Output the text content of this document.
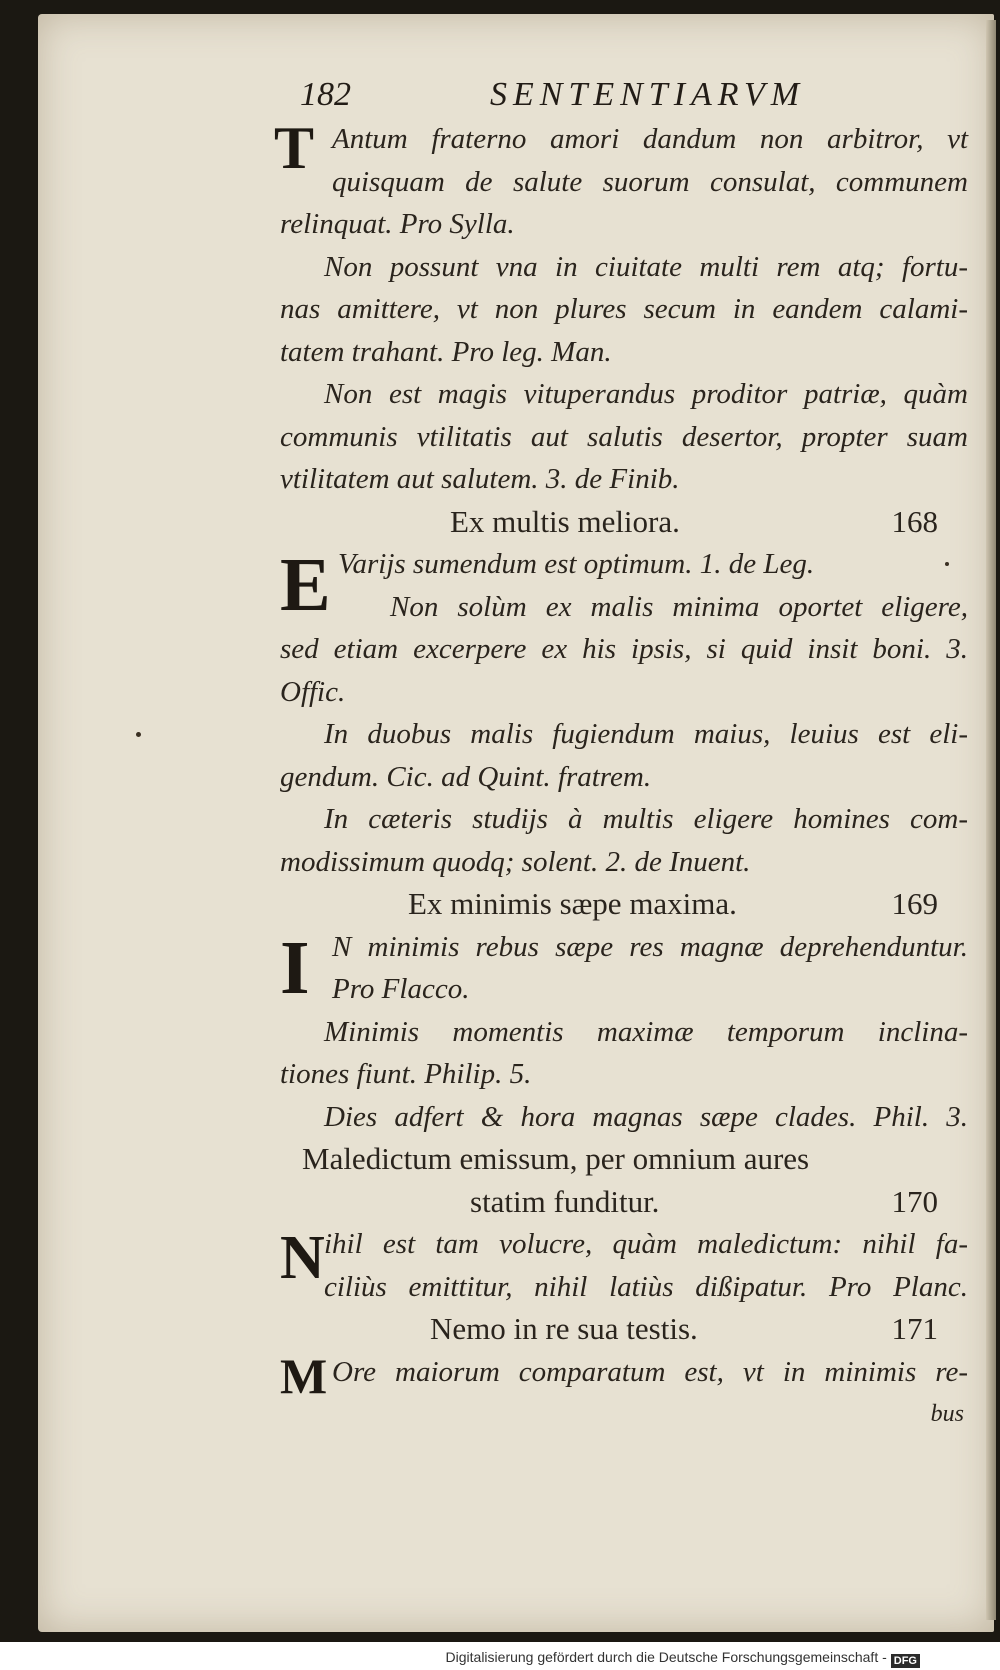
182	SENTENTIARVM
T Antum fraterno amori dandum non arbitror, vt
quisquam de salute suorum consulat, communem
relinquat. Pro Sylla.
Non possunt vna in ciuitate multi rem atq; fortu-
nas amittere, vt non plures secum in eandem calami-
tatem trahant. Pro leg. Man.
Non est magis vituperandus proditor patriæ, quàm
communis vtilitatis aut salutis desertor, propter suam
vtilitatem aut salutem. 3. de Finib.
Ex multis meliora.	168
E Varijs sumendum est optimum. 1. de Leg.
Non solùm ex malis minima oportet eligere,
sed etiam excerpere ex his ipsis, si quid insit boni. 3.
Offic.
In duobus malis fugiendum maius, leuius est eli-
gendum. Cic. ad Quint. fratrem.
In cæteris studijs à multis eligere homines com-
modissimum quodq; solent. 2. de Inuent.
Ex minimis sæpe maxima.	169
I N minimis rebus sæpe res magnæ deprehenduntur.
Pro Flacco.
Minimis momentis maximæ temporum inclina-
tiones fiunt. Philip. 5.
Dies adfert & hora magnas sæpe clades. Phil. 3.
Maledictum emissum, per omnium aures
statim funditur.	170
N ihil est tam volucre, quàm maledictum: nihil fa-
ciliùs emittitur, nihil latiùs dißipatur. Pro Planc.
Nemo in re sua testis.	171
M Ore maiorum comparatum est, vt in minimis re-
bus
Digitalisierung gefördert durch die Deutsche Forschungsgemeinschaft - DFG
